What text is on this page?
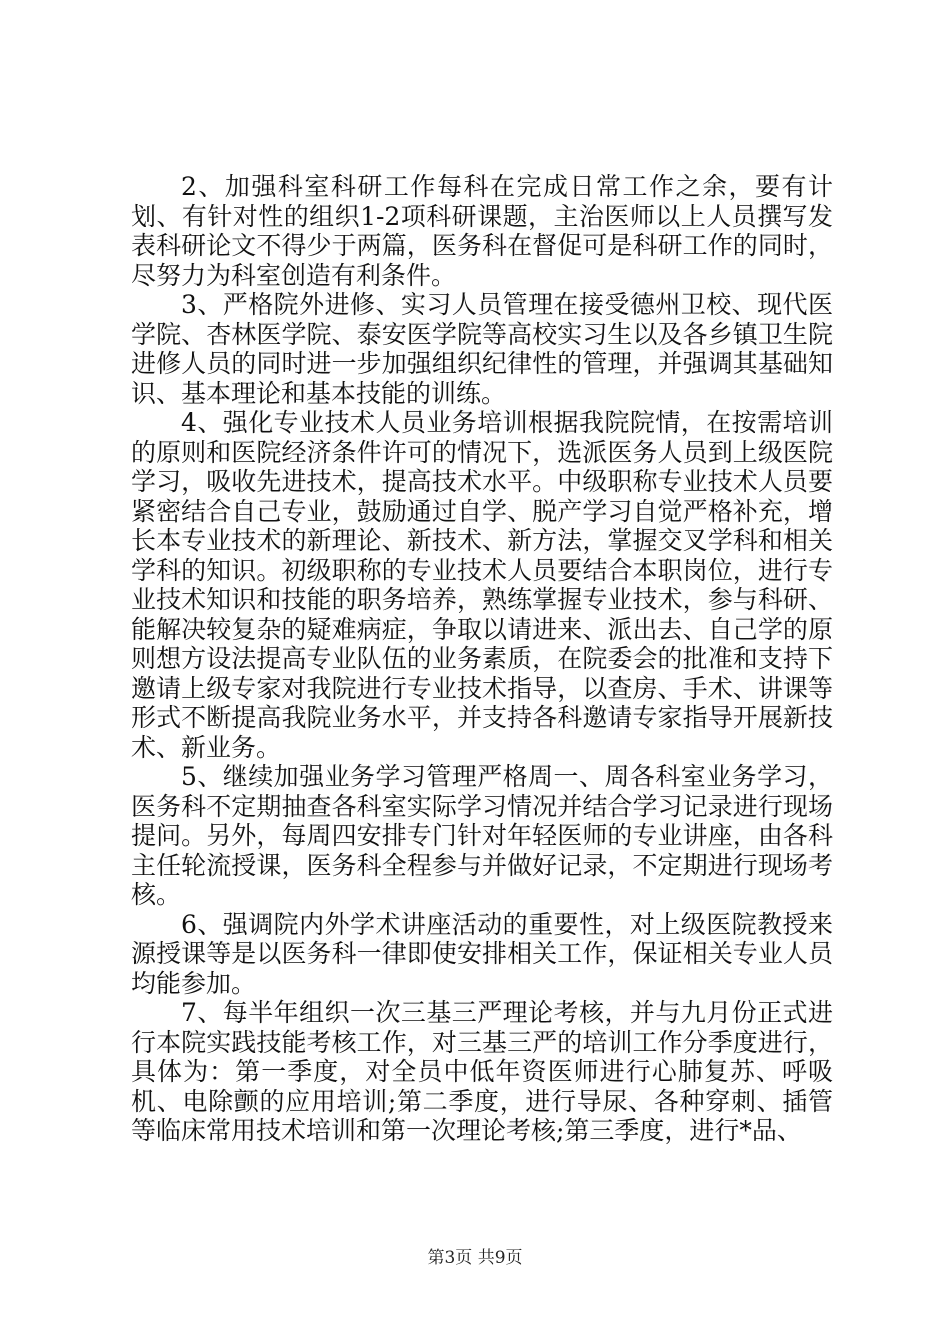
2、加强科室科研工作每科在完成日常工作之余，要有计划、有针对性的组织1-2项科研课题，主治医师以上人员撰写发表科研论文不得少于两篇，医务科在督促可是科研工作的同时，尽努力为科室创造有利条件。

3、严格院外进修、实习人员管理在接受德州卫校、现代医学院、杏林医学院、泰安医学院等高校实习生以及各乡镇卫生院进修人员的同时进一步加强组织纪律性的管理，并强调其基础知识、基本理论和基本技能的训练。

4、强化专业技术人员业务培训根据我院院情，在按需培训的原则和医院经济条件许可的情况下，选派医务人员到上级医院学习，吸收先进技术，提高技术水平。中级职称专业技术人员要紧密结合自己专业，鼓励通过自学、脱产学习自觉严格补充，增长本专业技术的新理论、新技术、新方法，掌握交叉学科和相关学科的知识。初级职称的专业技术人员要结合本职岗位，进行专业技术知识和技能的职务培养，熟练掌握专业技术，参与科研、能解决较复杂的疑难病症，争取以请进来、派出去、自己学的原则想方设法提高专业队伍的业务素质，在院委会的批准和支持下邀请上级专家对我院进行专业技术指导，以查房、手术、讲课等形式不断提高我院业务水平，并支持各科邀请专家指导开展新技术、新业务。

5、继续加强业务学习管理严格周一、周各科室业务学习，医务科不定期抽查各科室实际学习情况并结合学习记录进行现场提问。另外，每周四安排专门针对年轻医师的专业讲座，由各科主任轮流授课，医务科全程参与并做好记录，不定期进行现场考核。

6、强调院内外学术讲座活动的重要性，对上级医院教授来源授课等是以医务科一律即使安排相关工作，保证相关专业人员均能参加。

7、每半年组织一次三基三严理论考核，并与九月份正式进行本院实践技能考核工作，对三基三严的培训工作分季度进行，具体为：第一季度，对全员中低年资医师进行心肺复苏、呼吸机、电除颤的应用培训;第二季度，进行导尿、各种穿刺、插管等临床常用技术培训和第一次理论考核;第三季度，进行*品、

第3页 共9页
